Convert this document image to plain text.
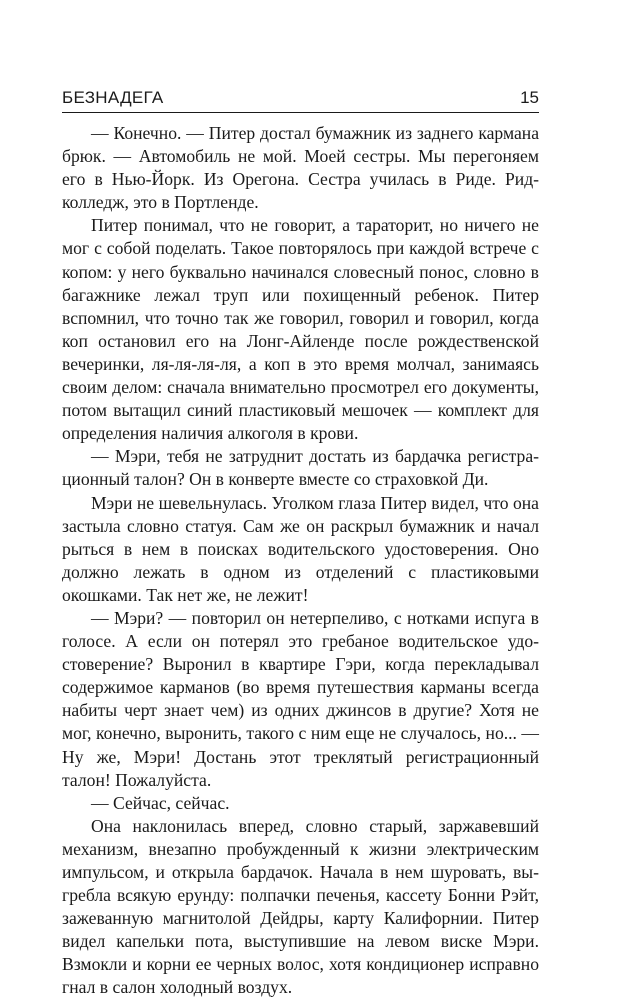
БЕЗНАДЕГА	15

— Конечно. — Питер достал бумажник из заднего кармана брюк. — Автомобиль не мой. Моей сестры. Мы перегоняем его в Нью-Йорк. Из Орегона. Сестра училась в Риде. Рид-колледж, это в Портленде.

Питер понимал, что не говорит, а тараторит, но ничего не мог с собой поделать. Такое повторялось при каждой встрече с копом: у него буквально начинался словесный понос, словно в багажнике лежал труп или похищенный ребенок. Питер вспомнил, что точно так же говорил, говорил и говорил, когда коп остановил его на Лонг-Айленде после рождественской вечеринки, ля-ля-ля-ля, а коп в это время молчал, занимаясь своим делом: сначала внимательно просмотрел его документы, потом вытащил синий пластиковый мешочек — комплект для определения наличия алкоголя в крови.

— Мэри, тебя не затруднит достать из бардачка регистрационный талон? Он в конверте вместе со страховкой Ди.

Мэри не шевельнулась. Уголком глаза Питер видел, что она застыла словно статуя. Сам же он раскрыл бумажник и начал рыться в нем в поисках водительского удостоверения. Оно должно лежать в одном из отделений с пластиковыми окошками. Так нет же, не лежит!

— Мэри? — повторил он нетерпеливо, с нотками испуга в голосе. А если он потерял это гребаное водительское удостоверение? Выронил в квартире Гэри, когда перекладывал содержимое карманов (во время путешествия карманы всегда набиты черт знает чем) из одних джинсов в другие? Хотя не мог, конечно, выронить, такого с ним еще не случалось, но... — Ну же, Мэри! Достань этот треклятый регистрационный талон! Пожалуйста.

— Сейчас, сейчас.

Она наклонилась вперед, словно старый, заржавевший механизм, внезапно пробужденный к жизни электрическим импульсом, и открыла бардачок. Начала в нем шуровать, выгребла всякую ерунду: полпачки печенья, кассету Бонни Рэйт, зажеванную магнитолой Дейдры, карту Калифорнии. Питер видел капельки пота, выступившие на левом виске Мэри. Взмокли и корни ее черных волос, хотя кондиционер исправно гнал в салон холодный воздух.
